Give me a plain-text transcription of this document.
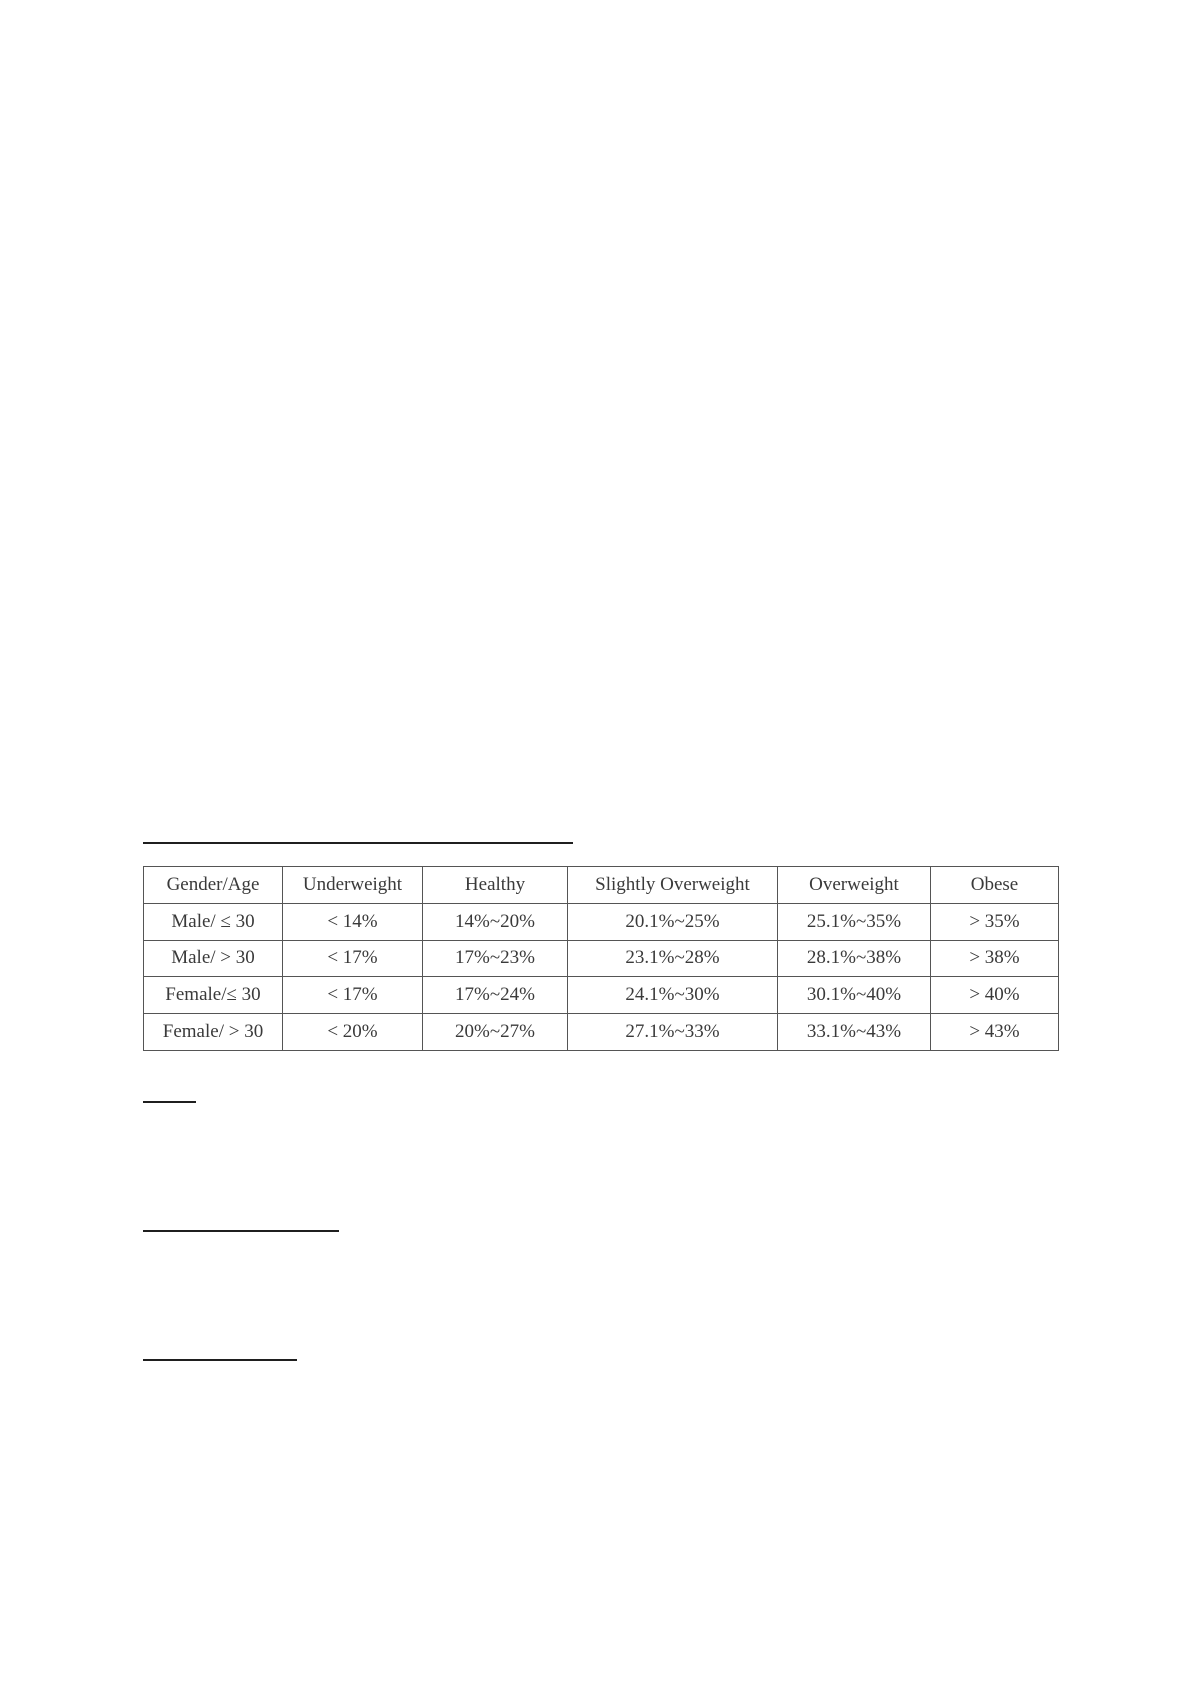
Gender/Age	Underweight	Healthy	Slightly Overweight	Overweight	Obese
Male/ ≤ 30	< 14%	14%~20%	20.1%~25%	25.1%~35%	> 35%
Male/ > 30	< 17%	17%~23%	23.1%~28%	28.1%~38%	> 38%
Female/≤ 30	< 17%	17%~24%	24.1%~30%	30.1%~40%	> 40%
Female/ > 30	< 20%	20%~27%	27.1%~33%	33.1%~43%	> 43%
